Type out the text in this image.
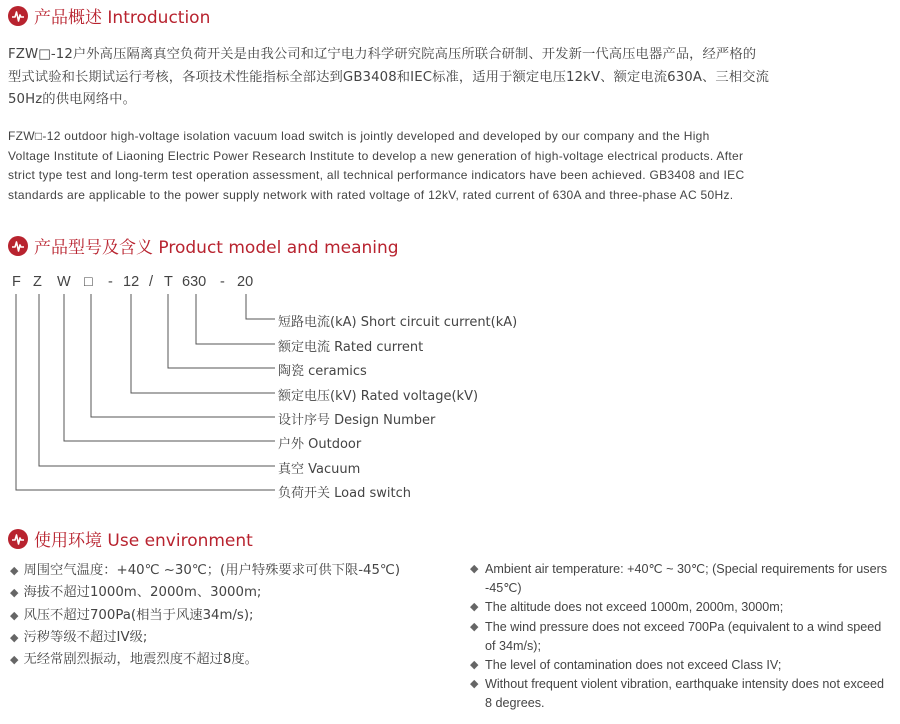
产品概述 Introduction
FZW□-12户外高压隔离真空负荷开关是由我公司和辽宁电力科学研究院高压所联合研制、开发新一代高压电器产品，经严格的
型式试验和长期试运行考核，各项技术性能指标全部达到GB3408和IEC标准，适用于额定电压12kV、额定电流630A、三相交流
50Hz的供电网络中。
FZW□-12 outdoor high-voltage isolation vacuum load switch is jointly developed and developed by our company and the High
Voltage Institute of Liaoning Electric Power Research Institute to develop a new generation of high-voltage electrical products. After
strict type test and long-term test operation assessment, all technical performance indicators have been achieved. GB3408 and IEC
standards are applicable to the power supply network with rated voltage of 12kV, rated current of 630A and three-phase AC 50Hz.
产品型号及含义 Product model and meaning
F Z W □ - 12 / T 630 - 20
短路电流(kA) Short circuit current(kA)
额定电流 Rated current
陶瓷 ceramics
额定电压(kV) Rated voltage(kV)
设计序号 Design Number
户外 Outdoor
真空 Vacuum
负荷开关 Load switch
使用环境 Use environment
◆ 周围空气温度：+40℃ ~30℃；(用户特殊要求可供下限-45℃)
◆ 海拔不超过1000m、2000m、3000m;
◆ 风压不超过700Pa(相当于风速34m/s);
◆ 污秽等级不超过IV级;
◆ 无经常剧烈振动，地震烈度不超过8度。
◆ Ambient air temperature: +40℃ ~ 30℃; (Special requirements for users -45℃)
◆ The altitude does not exceed 1000m, 2000m, 3000m;
◆ The wind pressure does not exceed 700Pa (equivalent to a wind speed of 34m/s);
◆ The level of contamination does not exceed Class IV;
◆ Without frequent violent vibration, earthquake intensity does not exceed 8 degrees.
